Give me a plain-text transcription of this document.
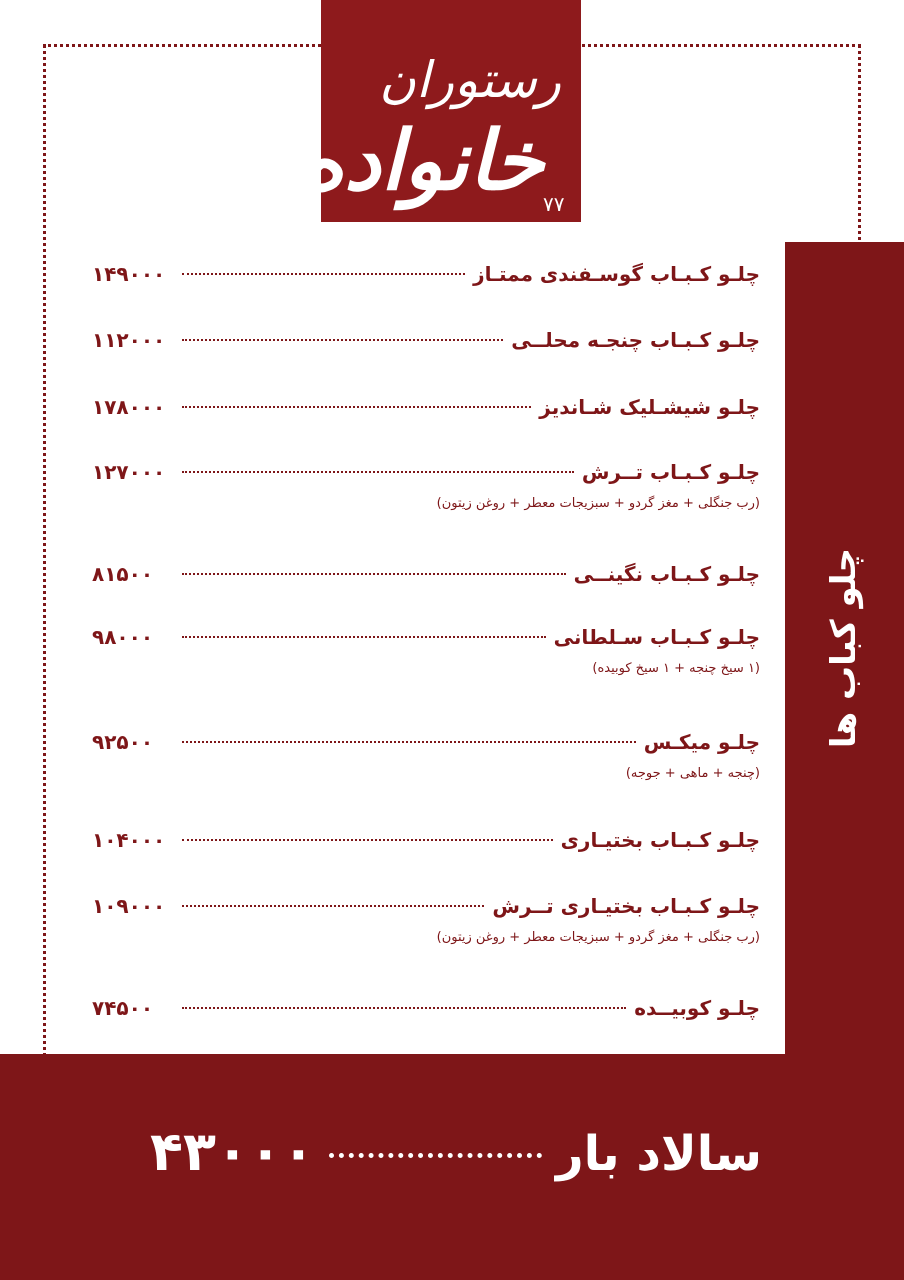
رستوران
خانواده
۷۷
چلو کباب ها
چلـو کـبـاب گوسـفندی ممتـاز
۱۴۹۰۰۰
چلـو کـبـاب چنجـه محلــی
۱۱۲۰۰۰
چلـو شیشـلیک شـاندیز
۱۷۸۰۰۰
چلـو کـبـاب تــرش
۱۲۷۰۰۰
(رب جنگلی + مغز گردو + سبزیجات معطر + روغن زیتون)
چلـو کـبـاب نگینــی
۸۱۵۰۰
چلـو کـبـاب سـلطانی
۹۸۰۰۰
(۱ سیخ چنجه + ۱ سیخ کوبیده)
چلـو میکـس
۹۲۵۰۰
(چنجه + ماهی + جوجه)
چلـو کـبـاب بختیـاری
۱۰۴۰۰۰
چلـو کـبـاب بختیـاری تــرش
۱۰۹۰۰۰
(رب جنگلی + مغز گردو + سبزیجات معطر + روغن زیتون)
چلـو کوبیــده
۷۴۵۰۰
سالاد بار
۴۳۰۰۰
